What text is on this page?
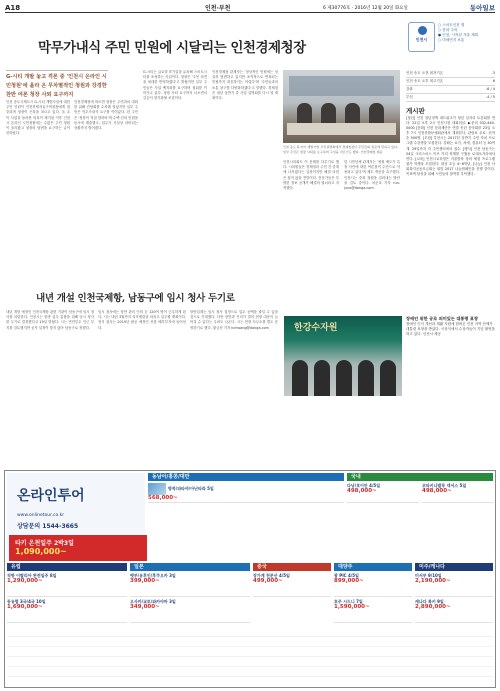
A18	인천·부천	6 제30776호 · 2016년 12월 20일 화요일	동아일보
막무가내식 주민 민원에 시달리는 인천경제청장
G-시티 개발 놓고 격론 중 '인천시 온라인 시민청원'에 올라 온 무차별적인 청원과 강경한 찬반 여론 청장 사퇴 요구까지
인천 송도국제도시 G-시티 개발사업에 대한 주민 민원이 인천경제자유구역청장에게 집중되며 청장이 곤혹을 치르고 있다. 올 초 이 사업을 둘러싼 의혹이 제기된 이후 인천시 온라인 시민청원에는 수많은 주민 청원이 올라왔고 청장의 답변을 요구하는 글이 잇따랐다.
인천경제청에 따르면 청장은 주민과의 대화를 위해 간담회를 수차례 열었지만 일부 주민은 막무가내식 요구를 이어갔다. 한 주민은 '청장이 직접 답하라'며 수백 건의 민원을 동시에 제출했고, 업무가 사실상 마비되는 상황까지 벌어졌다.
G-시티는 글로벌 IT기업을 유치해 스마트시티를 조성하는 사업이다. 청장은 '주민 의견을 최대한 반영하겠다'고 밝혔지만 일부 주민들은 사업 백지화를 요구하며 집회를 이어가고 있다. 청장 사퇴 요구까지 나오면서 갈등이 장기화될 조짐이다.
인천경제청 관계자는 '정상적인 민원에는 성실히 답변하고 있지만 조직적으로 반복되는 민원까지 대응하기는 어렵다'며 '주민들과의 소통 창구를 다양화하겠다'고 말했다. 경제청은 내년 상반기 중 사업 설명회를 다시 열 계획이다.
인천시의회도 이 문제를 다루기로 했다. 시의원들은 경제청과 주민 간 중재에 나서겠다는 입장이지만 해법 마련은 쉽지 않을 전망이다. 전문가들은 투명한 정보 공개가 해결의 열쇠라고 지적했다.
한 시민단체 관계자는 '청원 제도가 특정 사안에 대한 여론몰이 수단으로 악용되고 있다'며 제도 개선을 촉구했다. 인천시는 중복 청원을 걸러내는 방안을 검토 중이다. 차준호 기자 run-juno@donga.com
인천 송도 G-시티 개발사업 주민설명회에서 경제청장이 주민들의 질문에 답하고 있다. 일부 주민은 청장 사퇴를 요구하며 고성을 지르기도 했다. 인천경제청 제공
인천시
○ 스마트인천 앱
○ 한파 주의
● 인천, 시작된 겨울 계획
○ 미세먼지 보통
인천 송도 오전 최저기온	-3
인천 송도 오후 최고기온	6
강화	-6 / 4
부천	-4 / 5
게시판
[청년] 인천 청년정책 네트워크가 청년 일자리 토론회를 연다. 22일 오후 2시 인천시청 대회의실. ▶문의 032-440-0000 [문화] 인천 문화재단은 연말 송년 음악회를 23일 오후 7시 인천종합문예회관에서 개최한다. 관람료 무료. 선착순 500명. [모집] 부천시는 2017년 상반기 주민 자치 프로그램 수강생을 모집한다. 강좌는 요가, 서예, 컴퓨터 등 30여 개. 29일까지 각 주민센터에서 접수. [행사] 인천 남동구는 24일 크리스마스 이브 거리 축제를 구월동 로데오거리에서 연다. [교육] 인천시교육청은 겨울방학 창의 체험 프로그램 참가 학생을 모집한다. 대상 초등 4~6학년. [나눔] 인천 사회복지공동모금회는 희망 2017 나눔캠페인을 진행 중이다. 목표액 달성을 위해 시민들의 참여를 부탁했다.
내년 개설 인천국제항, 남동구에 임시 청사 두기로
내년 개항 예정인 인천국제항 관련 기관이 남동구에 임시 청사를 마련한다. 인천시는 항만 업무 통합을 위해 임시 청사를 두기로 결정했다고 19일 밝혔다. 시는 연안부두 인근 부지를 검토했지만 공사 일정이 맞지 않아 남동구로 정했다.
임시 청사에는 항만 관리 인력 등 120여 명이 근무하게 된다. 시는 내년 3월까지 리모델링을 마치고 입주할 계획이다. 정식 청사는 2019년 완공 예정인 신항 배후부지에 들어선다.
항만업계는 임시 청사 결정으로 업무 공백을 줄일 수 있을 것으로 기대했다. 다만 항만과 거리가 멀어 현장 대응이 늦어질 수 있다는 우려도 나온다. 시는 현장 사무소를 별도 운영하기로 했다. 황금천 기자 kchwang@donga.com	한강수자원
장애인 위한 공로 의미있는 대통령 표창
장애인 인식 개선과 재활 지원에 힘써온 인천 지역 단체가 대통령 표창을 받았다. 시상식에서 수상자들이 기념 촬영을 하고 있다. 인천시 제공
온라인투어
www.onlinetour.co.kr
상담문의 1544-3665
타키 온천일주 2박3일
1,090,000~
동남아/홍콩/대만	국내
방콕/파타야/아난타라 5일
568,000~
다낭/호이안 4/5일
498,000~
코타키나발루 넥서스 5일
498,000~
유럽	일본	중국	대양주	미주/캐나다
직항 이탈리아 완전일주 8일
1,290,000~
동유럽 3국/4국 10일
1,690,000~
벳부/유후인/후쿠오카 3일
399,000~
오사카/교토/와카야마 3일
349,000~
장가계 천문산 4/5일
499,000~
괌 PIC 4/5일
899,000~
호주 시드니 7일
1,590,000~
미서부 9/10일
2,190,000~
캐나다 록키 9일
2,890,000~
